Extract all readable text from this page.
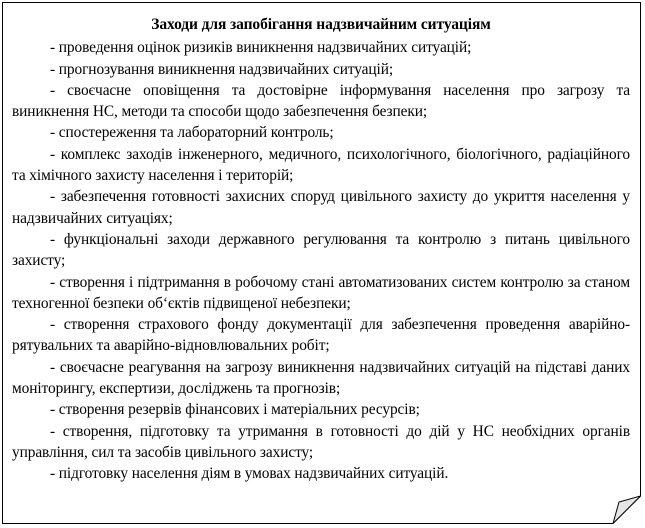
Заходи для запобігання надзвичайним ситуаціям

- проведення оцінок ризиків виникнення надзвичайних ситуацій;

- прогнозування виникнення надзвичайних ситуацій;

- своєчасне оповіщення та достовірне інформування населення про загрозу та виникнення НС, методи та способи щодо забезпечення безпеки;

- спостереження та лабораторний контроль;

- комплекс заходів інженерного, медичного, психологічного, біологічного, радіаційного та хімічного захисту населення і територій;

- забезпечення готовності захисних споруд цивільного захисту до укриття населення у надзвичайних ситуаціях;

- функціональні заходи державного регулювання та контролю з питань цивільного захисту;

- створення і підтримання в робочому стані автоматизованих систем контролю за станом техногенної безпеки об‘єктів підвищеної небезпеки;

- створення страхового фонду документації для забезпечення проведення аварійно-рятувальних та аварійно-відновлювальних робіт;

- своєчасне реагування на загрозу виникнення надзвичайних ситуацій на підставі даних моніторингу, експертизи, досліджень та прогнозів;

- створення резервів фінансових і матеріальних ресурсів;

- створення, підготовку та утримання в готовності до дій у НС необхідних органів управління, сил та засобів цивільного захисту;

- підготовку населення діям в умовах надзвичайних ситуацій.
